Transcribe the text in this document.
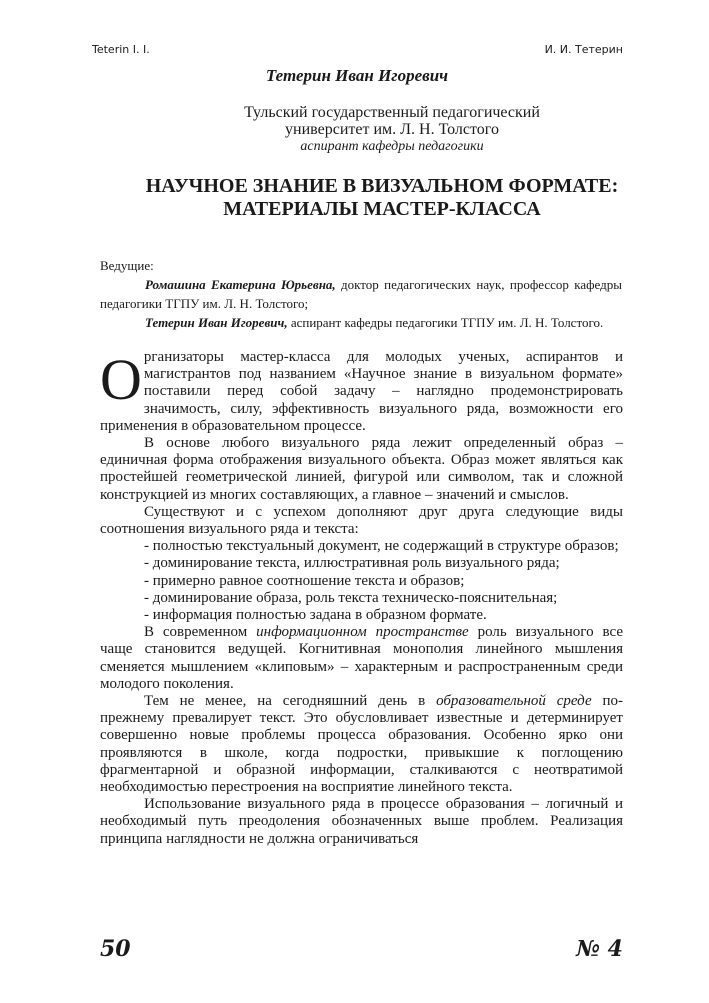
Teterin I. I.	И. И. Тетерин
Тетерин Иван Игоревич
Тульский государственный педагогический
университет им. Л. Н. Толстого
аспирант кафедры педагогики
НАУЧНОЕ ЗНАНИЕ В ВИЗУАЛЬНОМ ФОРМАТЕ:
МАТЕРИАЛЫ МАСТЕР-КЛАССА

Ведущие:

Ромашина Екатерина Юрьевна, доктор педагогических наук, профессор кафедры педагогики ТГПУ им. Л. Н. Толстого;

Тетерин Иван Игоревич, аспирант кафедры педагогики ТГПУ им. Л. Н. Толстого.

Организаторы мастер-класса для молодых ученых, аспирантов и магистрантов под названием «Научное знание в визуальном формате» поставили перед собой задачу – наглядно продемонстрировать значимость, силу, эффективность визуального ряда, возможности его применения в образовательном процессе.

В основе любого визуального ряда лежит определенный образ – единичная форма отображения визуального объекта. Образ может являться как простейшей геометрической линией, фигурой или символом, так и сложной конструкцией из многих составляющих, а главное – значений и смыслов.

Существуют и с успехом дополняют друг друга следующие виды соотношения визуального ряда и текста:

- полностью текстуальный документ, не содержащий в структуре образов;

- доминирование текста, иллюстративная роль визуального ряда;

- примерно равное соотношение текста и образов;

- доминирование образа, роль текста техническо-пояснительная;

- информация полностью задана в образном формате.

В современном информационном пространстве роль визуального все чаще становится ведущей. Когнитивная монополия линейного мышления сменяется мышлением «клиповым» – характерным и распространенным среди молодого поколения.

Тем не менее, на сегодняшний день в образовательной среде по-прежнему превалирует текст. Это обусловливает известные и детерминирует совершенно новые проблемы процесса образования. Особенно ярко они проявляются в школе, когда подростки, привыкшие к поглощению фрагментарной и образной информации, сталкиваются с неотвратимой необходимостью перестроения на восприятие линейного текста.

Использование визуального ряда в процессе образования – логичный и необходимый путь преодоления обозначенных выше проблем. Реализация принципа наглядности не должна ограничиваться

50	№ 4
